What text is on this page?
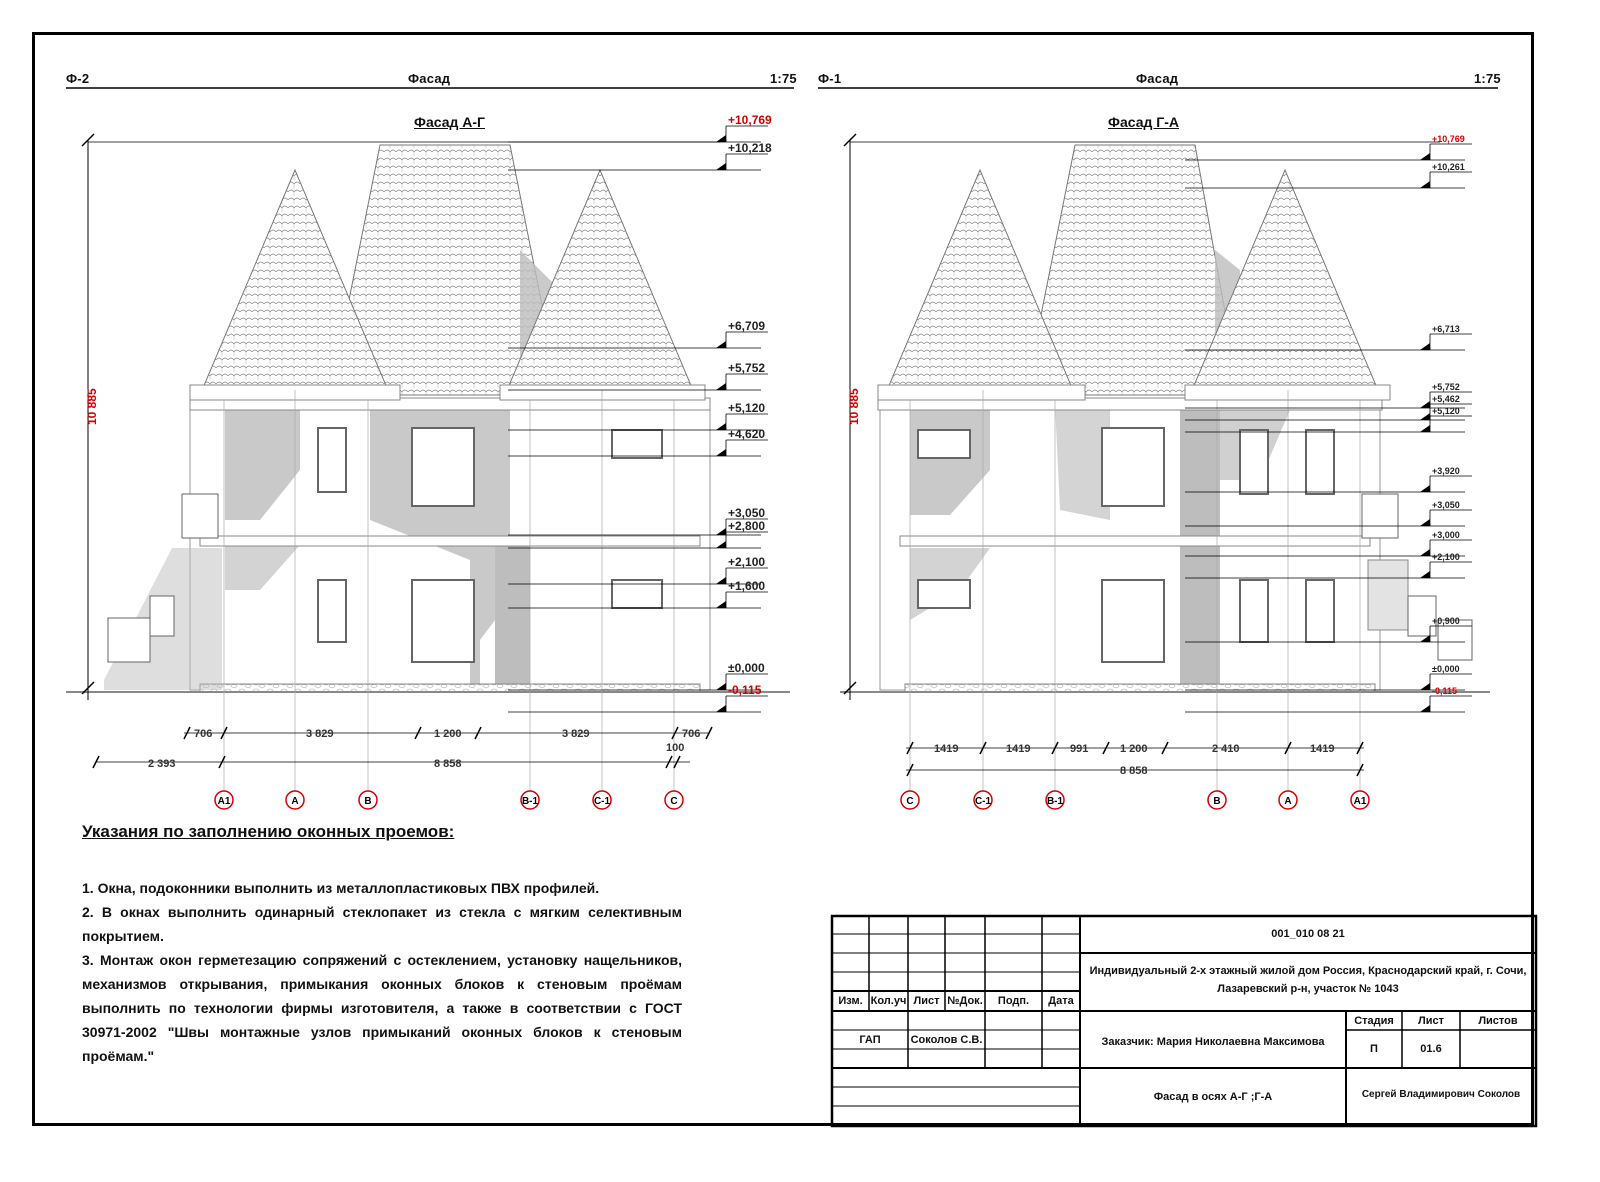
Ф-2	Фасад	1:75 Ф-1	Фасад	1:75
10 885
+10,769
+10,218
+6,709
+5,752
+5,120
+4,620
+3,050
+2,800
+2,100
+1,600
±0,000
-0,115
706	3 829	1 200	3 829	706
2 393	8 858
100
А1	А	В	В-1	С-1	С
10 885
+10,769
+10,261
+6,713
+5,752
+5,462
+5,120
+3,920
+3,050
+3,000
+2,100
+0,900
±0,000
-0,115
1419	1419	991	1 200	2 410	1419
8 858
С	С-1	В-1	В	А	А1
Фасад А-Г	Фасад Г-А
Указания по заполнению оконных проемов:

1. Окна, подоконники выполнить из металлопластиковых ПВХ профилей.

2. В окнах выполнить одинарный стеклопакет из стекла с мягким селективным покрытием.

3. Монтаж окон герметезацию сопряжений с остеклением, установку нащельников, механизмов открывания, примыкания оконных блоков к стеновым проёмам выполнить по технологии фирмы изготовителя, а также в соответствии с ГОСТ 30971-2002 "Швы монтажные узлов примыканий оконных блоков к стеновым проёмам."

001_010 08 21
Индивидуальный 2-х этажный жилой дом Россия, Краснодарский край, г. Сочи, Лазаревский р-н, участок № 1043
Заказчик: Мария Николаевна Максимова
Фасад в осях А-Г ;Г-А	Сергей Владимирович Соколов
Изм. Кол.уч Лист №Док.	Подп.	Дата
ГАП	Соколов С.В.
Стадия	Лист	Листов
П	01.6
